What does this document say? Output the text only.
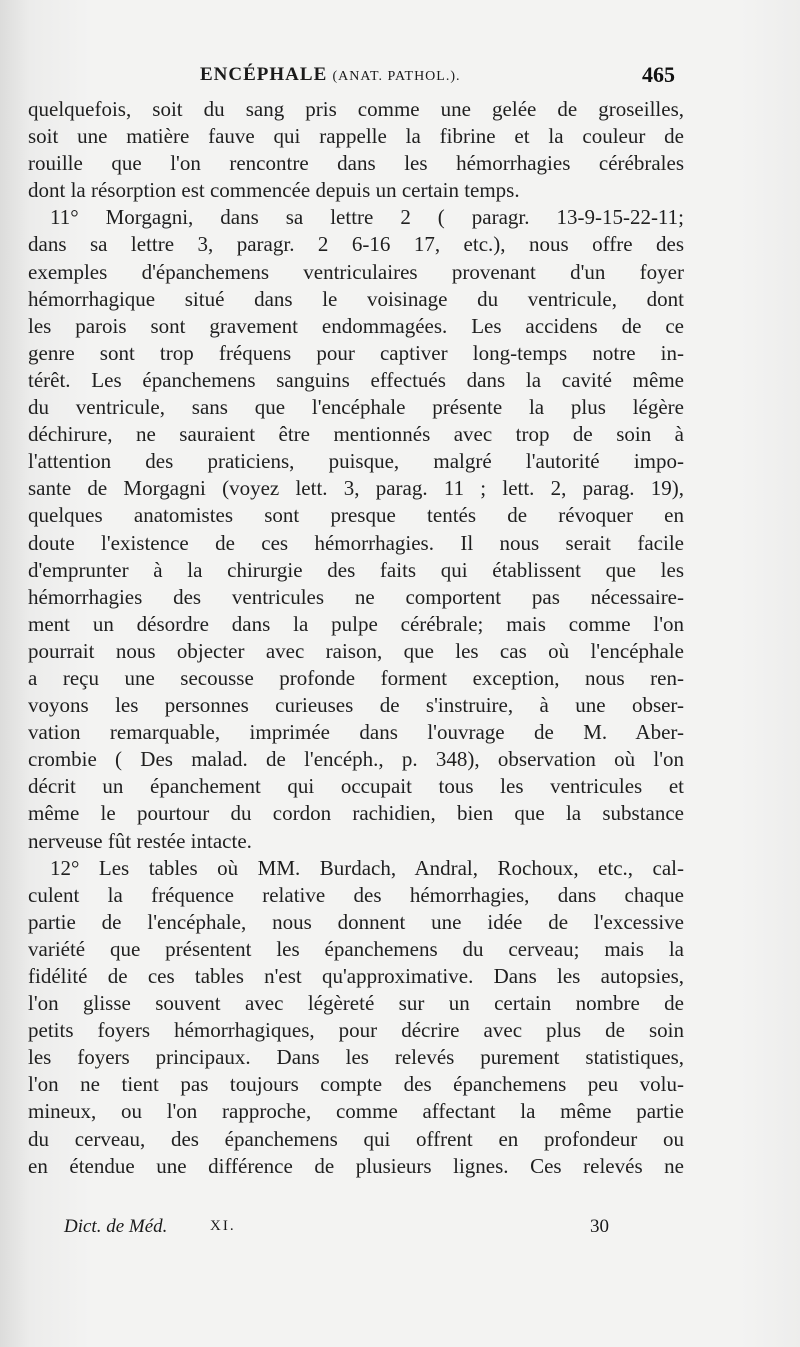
ENCÉPHALE (ANAT. PATHOL.).	465
quelquefois, soit du sang pris comme une gelée de groseilles,
soit une matière fauve qui rappelle la fibrine et la couleur de
rouille que l'on rencontre dans les hémorrhagies cérébrales
dont la résorption est commencée depuis un certain temps.
11° Morgagni, dans sa lettre 2 ( paragr. 13-9-15-22-11;
dans sa lettre 3, paragr. 2 6-16 17, etc.), nous offre des
exemples d'épanchemens ventriculaires provenant d'un foyer
hémorrhagique situé dans le voisinage du ventricule, dont
les parois sont gravement endommagées. Les accidens de ce
genre sont trop fréquens pour captiver long-temps notre in-
térêt. Les épanchemens sanguins effectués dans la cavité même
du ventricule, sans que l'encéphale présente la plus légère
déchirure, ne sauraient être mentionnés avec trop de soin à
l'attention des praticiens, puisque, malgré l'autorité impo-
sante de Morgagni (voyez lett. 3, parag. 11 ; lett. 2, parag. 19),
quelques anatomistes sont presque tentés de révoquer en
doute l'existence de ces hémorrhagies. Il nous serait facile
d'emprunter à la chirurgie des faits qui établissent que les
hémorrhagies des ventricules ne comportent pas nécessaire-
ment un désordre dans la pulpe cérébrale; mais comme l'on
pourrait nous objecter avec raison, que les cas où l'encéphale
a reçu une secousse profonde forment exception, nous ren-
voyons les personnes curieuses de s'instruire, à une obser-
vation remarquable, imprimée dans l'ouvrage de M. Aber-
crombie ( Des malad. de l'encéph., p. 348), observation où l'on
décrit un épanchement qui occupait tous les ventricules et
même le pourtour du cordon rachidien, bien que la substance
nerveuse fût restée intacte.
12° Les tables où MM. Burdach, Andral, Rochoux, etc., cal-
culent la fréquence relative des hémorrhagies, dans chaque
partie de l'encéphale, nous donnent une idée de l'excessive
variété que présentent les épanchemens du cerveau; mais la
fidélité de ces tables n'est qu'approximative. Dans les autopsies,
l'on glisse souvent avec légèreté sur un certain nombre de
petits foyers hémorrhagiques, pour décrire avec plus de soin
les foyers principaux. Dans les relevés purement statistiques,
l'on ne tient pas toujours compte des épanchemens peu volu-
mineux, ou l'on rapproche, comme affectant la même partie
du cerveau, des épanchemens qui offrent en profondeur ou
en étendue une différence de plusieurs lignes. Ces relevés ne
Dict. de Méd.	XI.	30
